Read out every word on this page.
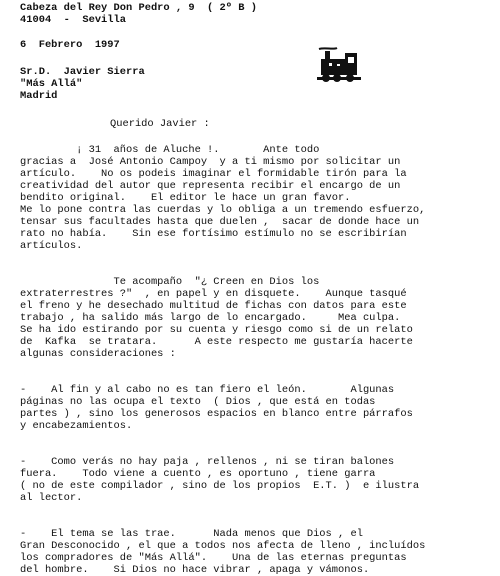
Cabeza del Rey Don Pedro , 9  ( 2º B )
41004  -  Sevilla
6  Febrero  1997
Sr.D.  Javier Sierra
"Más Allá"
Madrid
Querido Javier :
¡ 31  años de Aluche !.       Ante todo
gracias a  José Antonio Campoy  y a ti mismo por solicitar un
artículo.    No os podeis imaginar el formidable tirón para la
creatividad del autor que representa recibir el encargo de un
bendito original.    El editor le hace un gran favor.
Me lo pone contra las cuerdas y lo obliga a un tremendo esfuerzo,
tensar sus facultades hasta que duelen ,  sacar de donde hace un
rato no había.    Sin ese fortísimo estímulo no se escribirían
artículos.
Te acompaño  "¿ Creen en Dios los
extraterrestres ?"  , en papel y en disquete.    Aunque tasqué
el freno y he desechado multitud de fichas con datos para este
trabajo , ha salido más largo de lo encargado.     Mea culpa.
Se ha ido estirando por su cuenta y riesgo como si de un relato
de  Kafka  se tratara.      A este respecto me gustaría hacerte
algunas consideraciones :
-    Al fin y al cabo no es tan fiero el león.       Algunas
páginas no las ocupa el texto  ( Dios , que está en todas
partes ) , sino los generosos espacios en blanco entre párrafos
y encabezamientos.
-    Como verás no hay paja , rellenos , ni se tiran balones
fuera.    Todo viene a cuento , es oportuno , tiene garra
( no de este compilador , sino de los propios  E.T. )  e ilustra
al lector.
-    El tema se las trae.      Nada menos que Dios , el
Gran Desconocido , el que a todos nos afecta de lleno , incluídos
los compradores de "Más Allá".    Una de las eternas preguntas
del hombre.    Si Dios no hace vibrar , apaga y vámonos.
